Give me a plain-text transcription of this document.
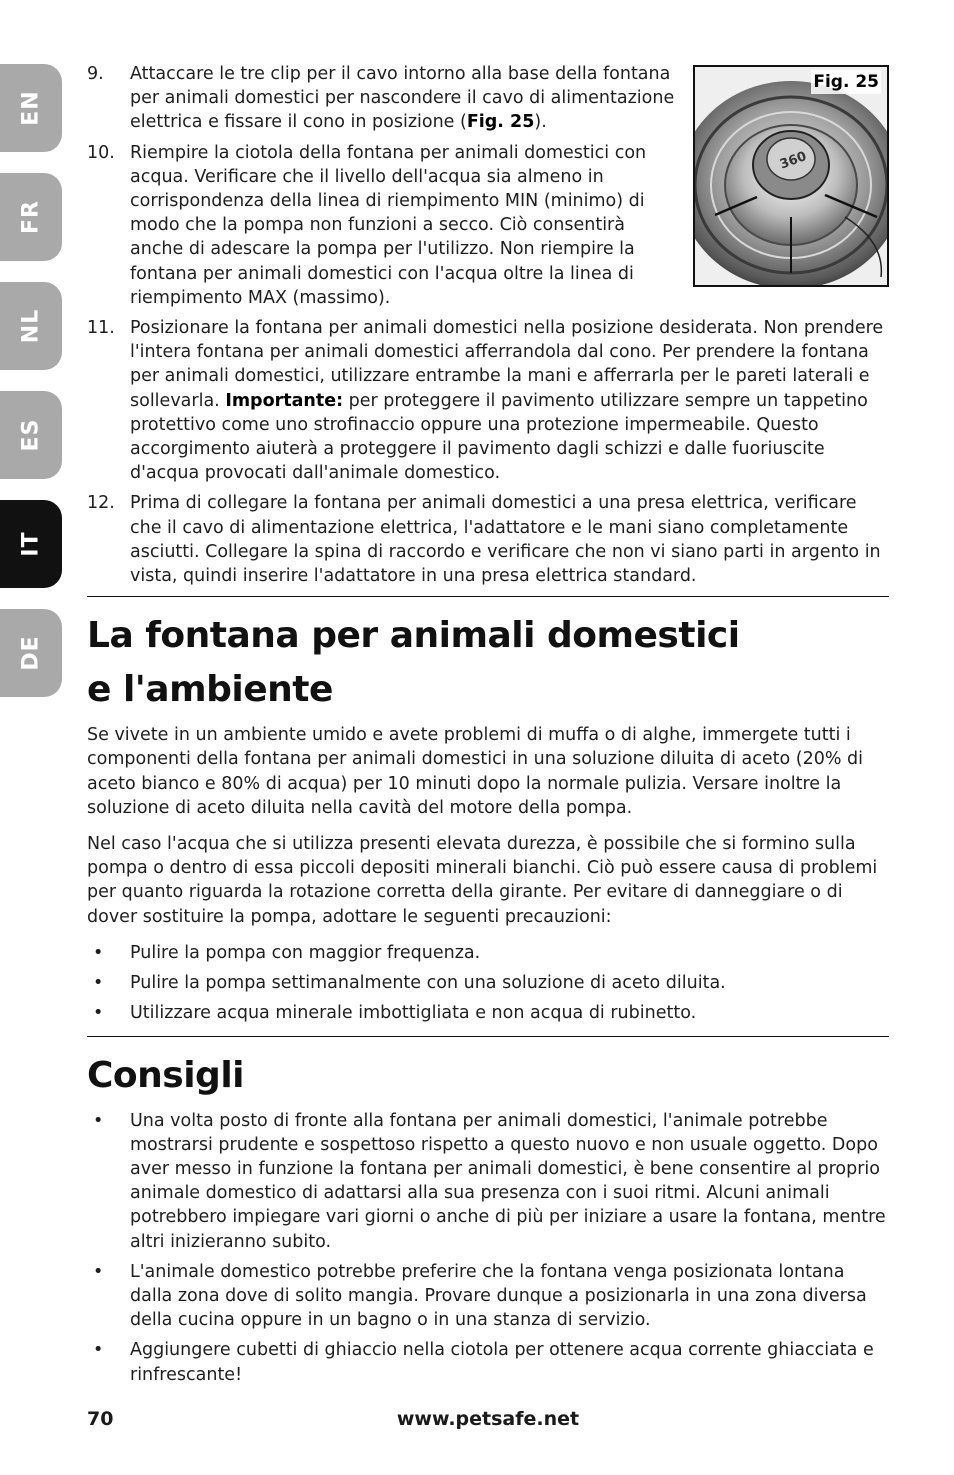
EN
FR
NL
ES
IT
DE
Fig. 25
360
9. Attaccare le tre clip per il cavo intorno alla base della fontana per animali domestici per nascondere il cavo di alimentazione elettrica e fissare il cono in posizione (Fig. 25).
10. Riempire la ciotola della fontana per animali domestici con acqua. Verificare che il livello dell'acqua sia almeno in corrispondenza della linea di riempimento MIN (minimo) di modo che la pompa non funzioni a secco. Ciò consentirà anche di adescare la pompa per l'utilizzo. Non riempire la fontana per animali domestici con l'acqua oltre la linea di riempimento MAX (massimo).
11. Posizionare la fontana per animali domestici nella posizione desiderata. Non prendere l'intera fontana per animali domestici afferrandola dal cono. Per prendere la fontana per animali domestici, utilizzare entrambe la mani e afferrarla per le pareti laterali e sollevarla. Importante: per proteggere il pavimento utilizzare sempre un tappetino protettivo come uno strofinaccio oppure una protezione impermeabile. Questo accorgimento aiuterà a proteggere il pavimento dagli schizzi e dalle fuoriuscite d'acqua provocati dall'animale domestico.
12. Prima di collegare la fontana per animali domestici a una presa elettrica, verificare che il cavo di alimentazione elettrica, l'adattatore e le mani siano completamente asciutti. Collegare la spina di raccordo e verificare che non vi siano parti in argento in vista, quindi inserire l'adattatore in una presa elettrica standard.
La fontana per animali domestici
e l'ambiente

Se vivete in un ambiente umido e avete problemi di muffa o di alghe, immergete tutti i componenti della fontana per animali domestici in una soluzione diluita di aceto (20% di aceto bianco e 80% di acqua) per 10 minuti dopo la normale pulizia. Versare inoltre la soluzione di aceto diluita nella cavità del motore della pompa.

Nel caso l'acqua che si utilizza presenti elevata durezza, è possibile che si formino sulla pompa o dentro di essa piccoli depositi minerali bianchi. Ciò può essere causa di problemi per quanto riguarda la rotazione corretta della girante. Per evitare di danneggiare o di dover sostituire la pompa, adottare le seguenti precauzioni:

• Pulire la pompa con maggior frequenza.
• Pulire la pompa settimanalmente con una soluzione di aceto diluita.
• Utilizzare acqua minerale imbottigliata e non acqua di rubinetto.
Consigli
• Una volta posto di fronte alla fontana per animali domestici, l'animale potrebbe mostrarsi prudente e sospettoso rispetto a questo nuovo e non usuale oggetto. Dopo aver messo in funzione la fontana per animali domestici, è bene consentire al proprio animale domestico di adattarsi alla sua presenza con i suoi ritmi. Alcuni animali potrebbero impiegare vari giorni o anche di più per iniziare a usare la fontana, mentre altri inizieranno subito.
• L'animale domestico potrebbe preferire che la fontana venga posizionata lontana dalla zona dove di solito mangia. Provare dunque a posizionarla in una zona diversa della cucina oppure in un bagno o in una stanza di servizio.
• Aggiungere cubetti di ghiaccio nella ciotola per ottenere acqua corrente ghiacciata e rinfrescante!
70	www.petsafe.net
